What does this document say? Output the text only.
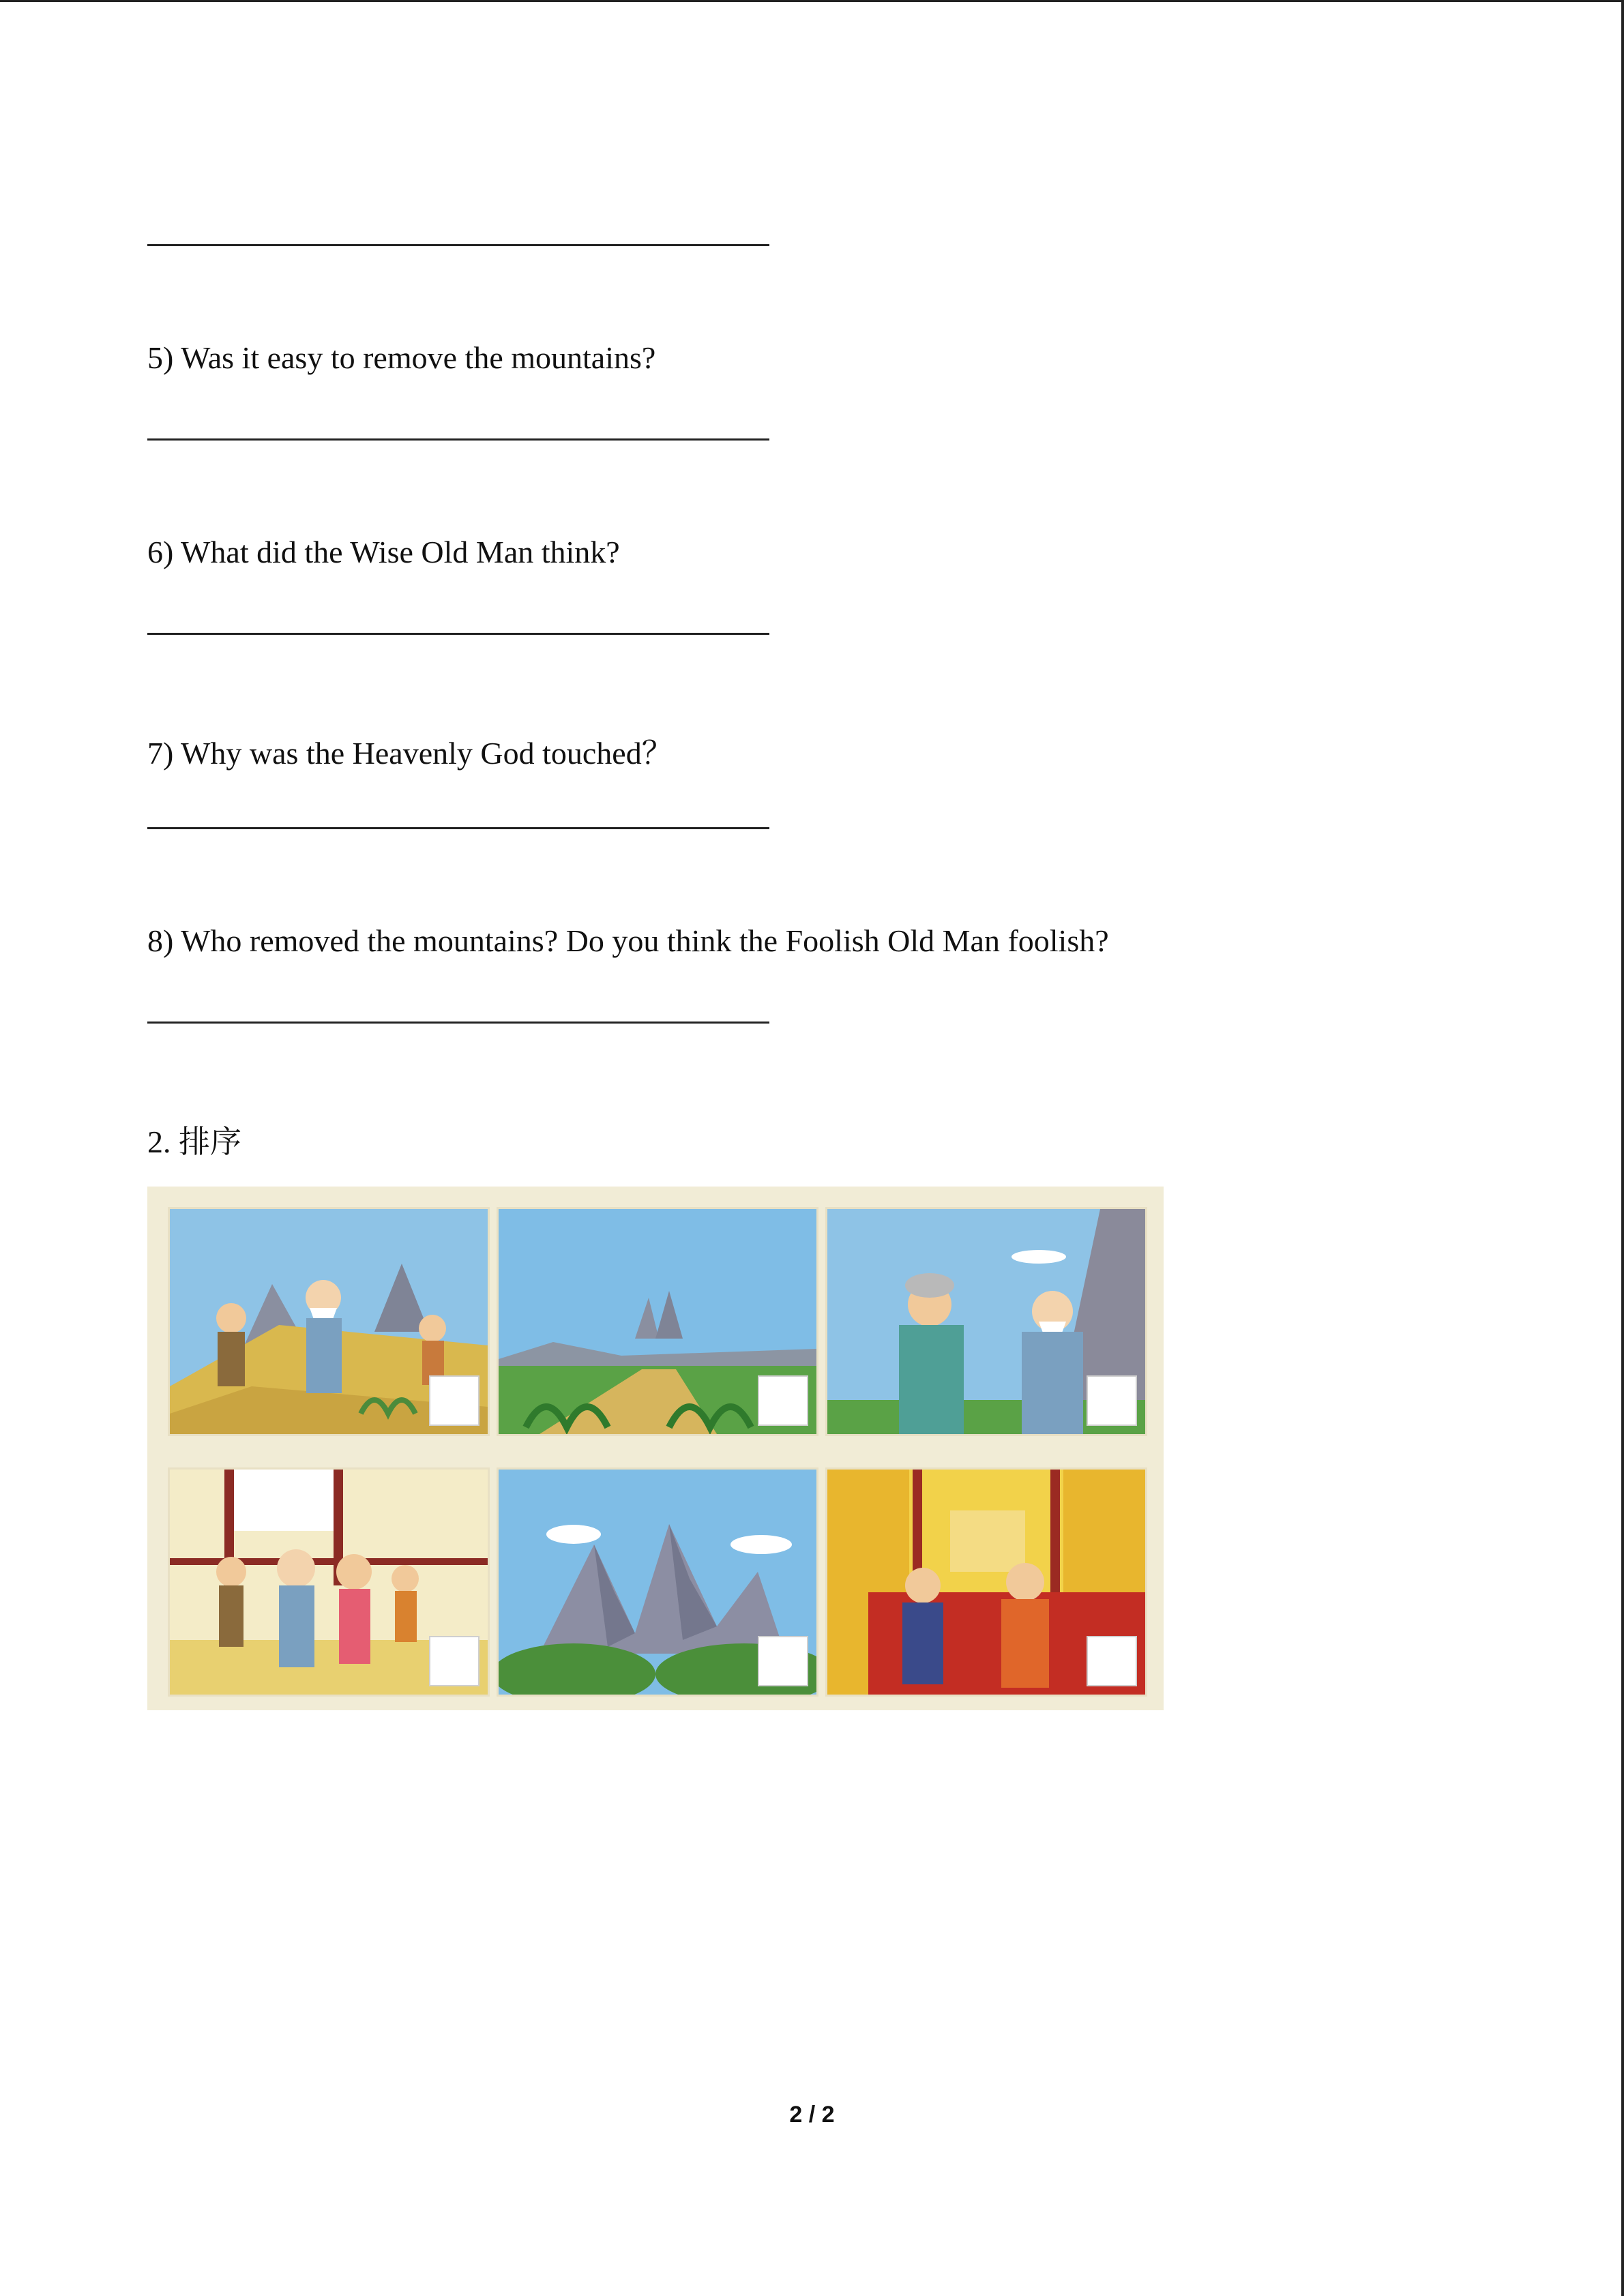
5) Was it easy to remove the mountains?
6) What did the Wise Old Man think?
7) Why was the Heavenly God touched？
8) Who removed the mountains? Do you think the Foolish Old Man foolish?
2. 排序
2 / 2
